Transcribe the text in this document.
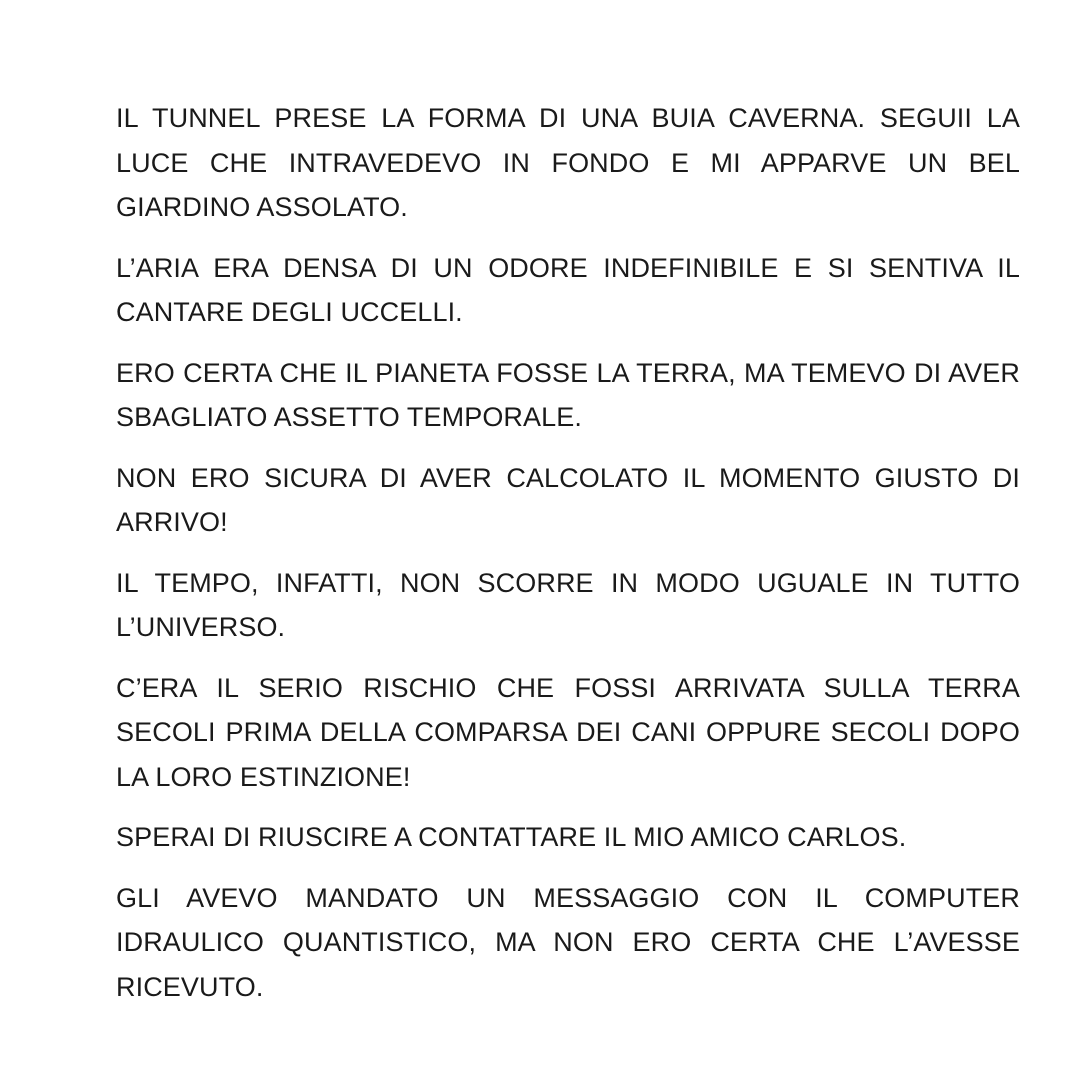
IL TUNNEL PRESE LA FORMA DI UNA BUIA CAVERNA. SEGUII LA LUCE CHE INTRAVEDEVO IN FONDO E MI APPARVE UN BEL GIARDINO ASSOLATO.

L’ARIA ERA DENSA DI UN ODORE INDEFINIBILE E SI SENTIVA IL CANTARE DEGLI UCCELLI.

ERO CERTA CHE IL PIANETA FOSSE LA TERRA, MA TEMEVO DI AVER SBAGLIATO ASSETTO TEMPORALE.

NON ERO SICURA DI AVER CALCOLATO IL MOMENTO GIUSTO DI ARRIVO!

IL TEMPO, INFATTI, NON SCORRE IN MODO UGUALE IN TUTTO L’UNIVERSO.

C’ERA IL SERIO RISCHIO CHE FOSSI ARRIVATA SULLA TERRA SECOLI PRIMA DELLA COMPARSA DEI CANI OPPURE SECOLI DOPO LA LORO ESTINZIONE!

SPERAI DI RIUSCIRE A CONTATTARE IL MIO AMICO CARLOS.

GLI AVEVO MANDATO UN MESSAGGIO CON IL COMPUTER IDRAULICO QUANTISTICO, MA NON ERO CERTA CHE L’AVESSE RICEVUTO.
